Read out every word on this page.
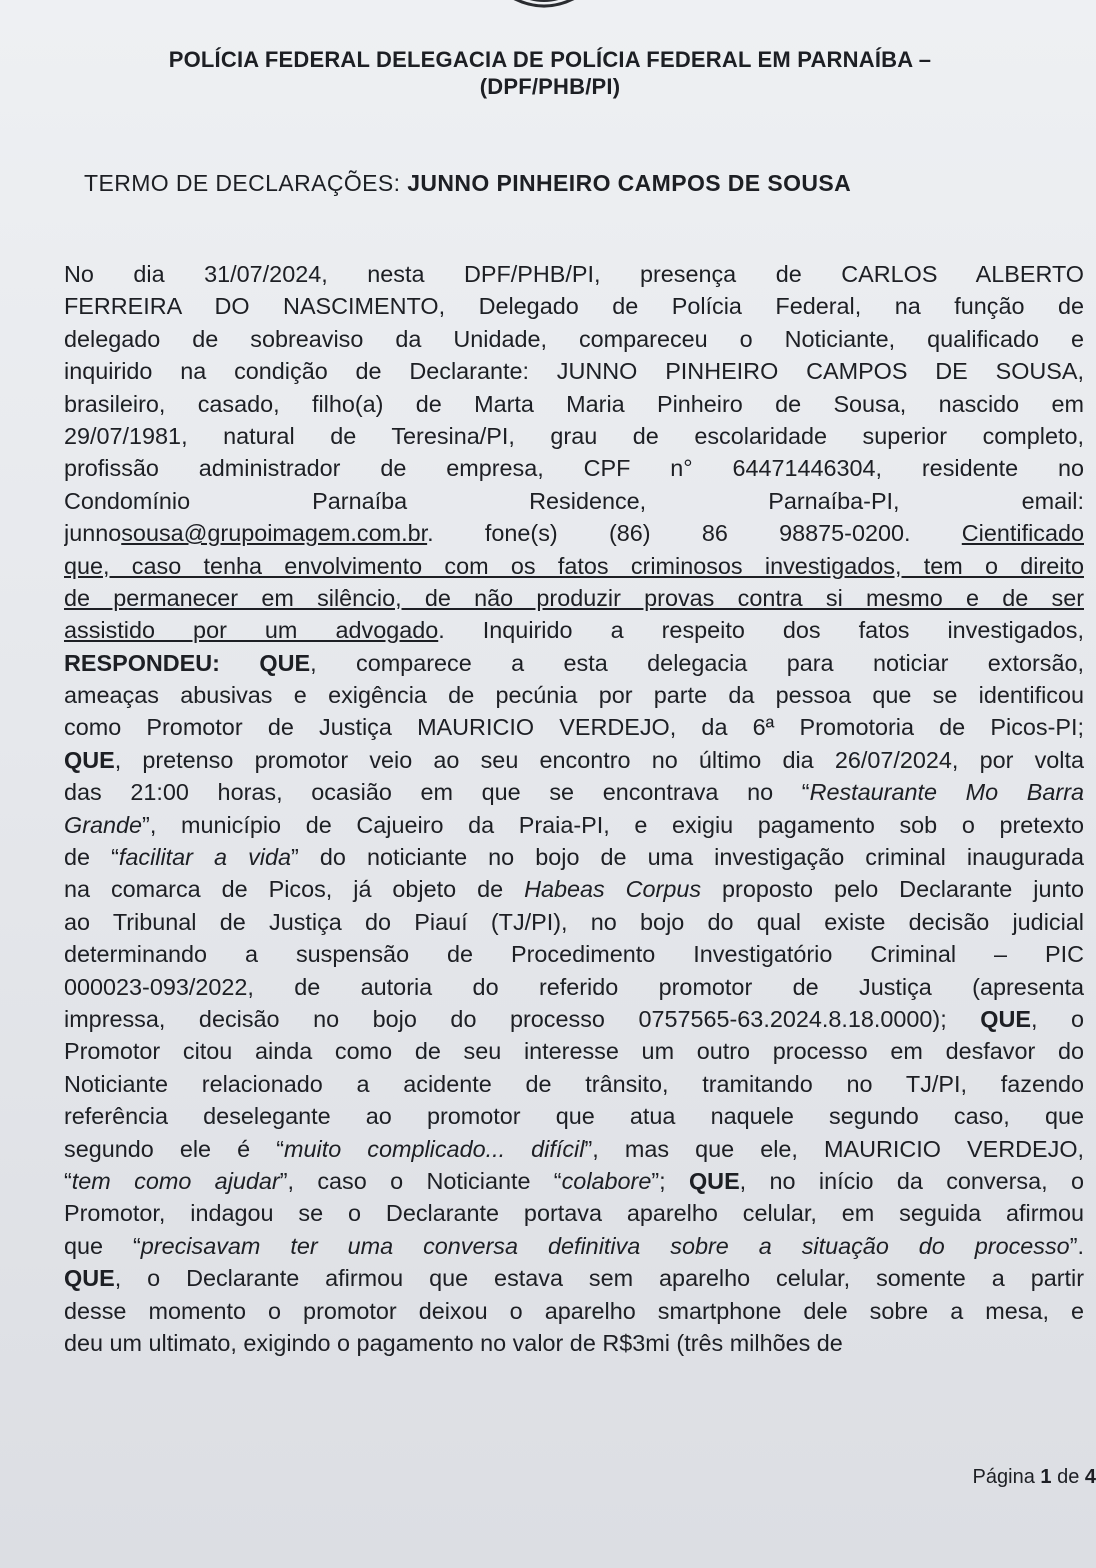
POLÍCIA FEDERAL DELEGACIA DE POLÍCIA FEDERAL EM PARNAÍBA –
(DPF/PHB/PI)
TERMO DE DECLARAÇÕES: JUNNO PINHEIRO CAMPOS DE SOUSA
No dia 31/07/2024, nesta DPF/PHB/PI, presença de CARLOS ALBERTO
FERREIRA DO NASCIMENTO, Delegado de Polícia Federal, na função de
delegado de sobreaviso da Unidade, compareceu o Noticiante, qualificado e
inquirido na condição de Declarante: JUNNO PINHEIRO CAMPOS DE SOUSA,
brasileiro, casado, filho(a) de Marta Maria Pinheiro de Sousa, nascido em
29/07/1981, natural de Teresina/PI, grau de escolaridade superior completo,
profissão administrador de empresa, CPF n° 64471446304, residente no
Condomínio Parnaíba Residence, Parnaíba-PI, email:
junnosousa@grupoimagem.com.br. fone(s) (86) 86 98875-0200. Cientificado
que, caso tenha envolvimento com os fatos criminosos investigados, tem o direito
de permanecer em silêncio, de não produzir provas contra si mesmo e de ser
assistido por um advogado. Inquirido a respeito dos fatos investigados,
RESPONDEU: QUE, comparece a esta delegacia para noticiar extorsão,
ameaças abusivas e exigência de pecúnia por parte da pessoa que se identificou
como Promotor de Justiça MAURICIO VERDEJO, da 6ª Promotoria de Picos-PI;
QUE, pretenso promotor veio ao seu encontro no último dia 26/07/2024, por volta
das 21:00 horas, ocasião em que se encontrava no “Restaurante Mo Barra
Grande”, município de Cajueiro da Praia-PI, e exigiu pagamento sob o pretexto
de “facilitar a vida” do noticiante no bojo de uma investigação criminal inaugurada
na comarca de Picos, já objeto de Habeas Corpus proposto pelo Declarante junto
ao Tribunal de Justiça do Piauí (TJ/PI), no bojo do qual existe decisão judicial
determinando a suspensão de Procedimento Investigatório Criminal – PIC
000023-093/2022, de autoria do referido promotor de Justiça (apresenta
impressa, decisão no bojo do processo 0757565-63.2024.8.18.0000); QUE, o
Promotor citou ainda como de seu interesse um outro processo em desfavor do
Noticiante relacionado a acidente de trânsito, tramitando no TJ/PI, fazendo
referência deselegante ao promotor que atua naquele segundo caso, que
segundo ele é “muito complicado... difícil”, mas que ele, MAURICIO VERDEJO,
“tem como ajudar”, caso o Noticiante “colabore”; QUE, no início da conversa, o
Promotor, indagou se o Declarante portava aparelho celular, em seguida afirmou
que “precisavam ter uma conversa definitiva sobre a situação do processo”.
QUE, o Declarante afirmou que estava sem aparelho celular, somente a partir
desse momento o promotor deixou o aparelho smartphone dele sobre a mesa, e
deu um ultimato, exigindo o pagamento no valor de R$3mi (três milhões de
Página 1 de 4
